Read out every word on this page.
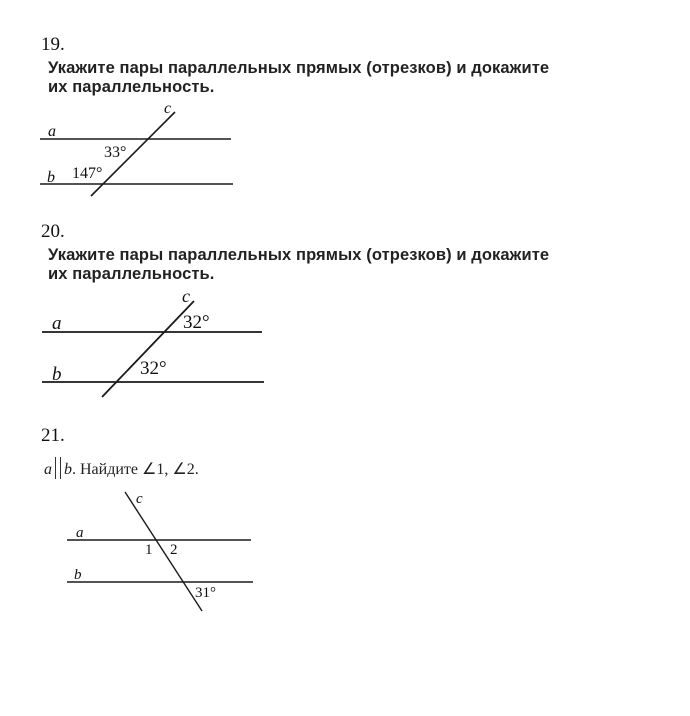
19.
Укажите пары параллельных прямых (отрезков) и докажите
их параллельность.
a
b
c
33°
147°
20.
Укажите пары параллельных прямых (отрезков) и докажите
их параллельность.
a
b
c
32°
32°
21.
a b . Найдите ∠1, ∠2.
a
b
c
1 2
31°
